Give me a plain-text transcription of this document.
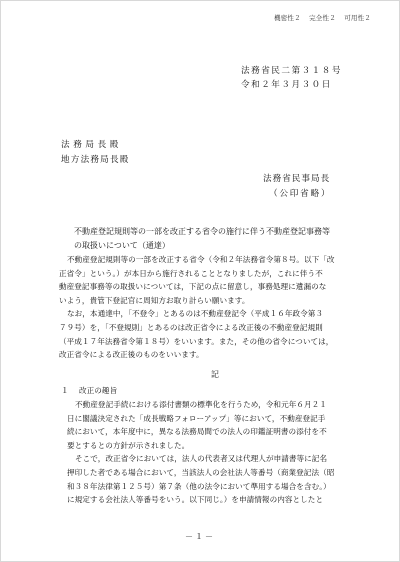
機密性２ 完全性２ 可用性２
法務省民二第３１８号
令和２年３月３０日
法務局長殿
地方法務局長殿
法務省民事局長
（公印省略）
不動産登記規則等の一部を改正する省令の施行に伴う不動産登記事務等
の取扱いについて（通達）

不動産登記規則等の一部を改正する省令（令和２年法務省令第８号。以下「改
正省令」という。）が本日から施行されることとなりましたが，これに伴う不
動産登記事務等の取扱いについては，下記の点に留意し，事務処理に遺漏のな
いよう，貴管下登記官に周知方お取り計らい願います。

なお，本通達中，「不登令」とあるのは不動産登記令（平成１６年政令第３
７９号）を，「不登規則」とあるのは改正省令による改正後の不動産登記規則
（平成１７年法務省令第１８号）をいいます。また，その他の省令については，
改正省令による改正後のものをいいます。

記
１ 改正の趣旨

不動産登記手続における添付書類の標準化を行うため，令和元年６月２１
日に閣議決定された「成長戦略フォローアップ」等において，不動産登記手
続において，本年度中に，異なる法務局間での法人の印鑑証明書の添付を不
要とするとの方針が示されました。

そこで，改正省令においては，法人の代表者又は代理人が申請書等に記名
押印した者である場合において，当該法人の会社法人等番号（商業登記法（昭
和３８年法律第１２５号）第７条（他の法令において準用する場合を含む。）
に規定する会社法人等番号をいう。以下同じ。）を申請情報の内容としたと

－１－
